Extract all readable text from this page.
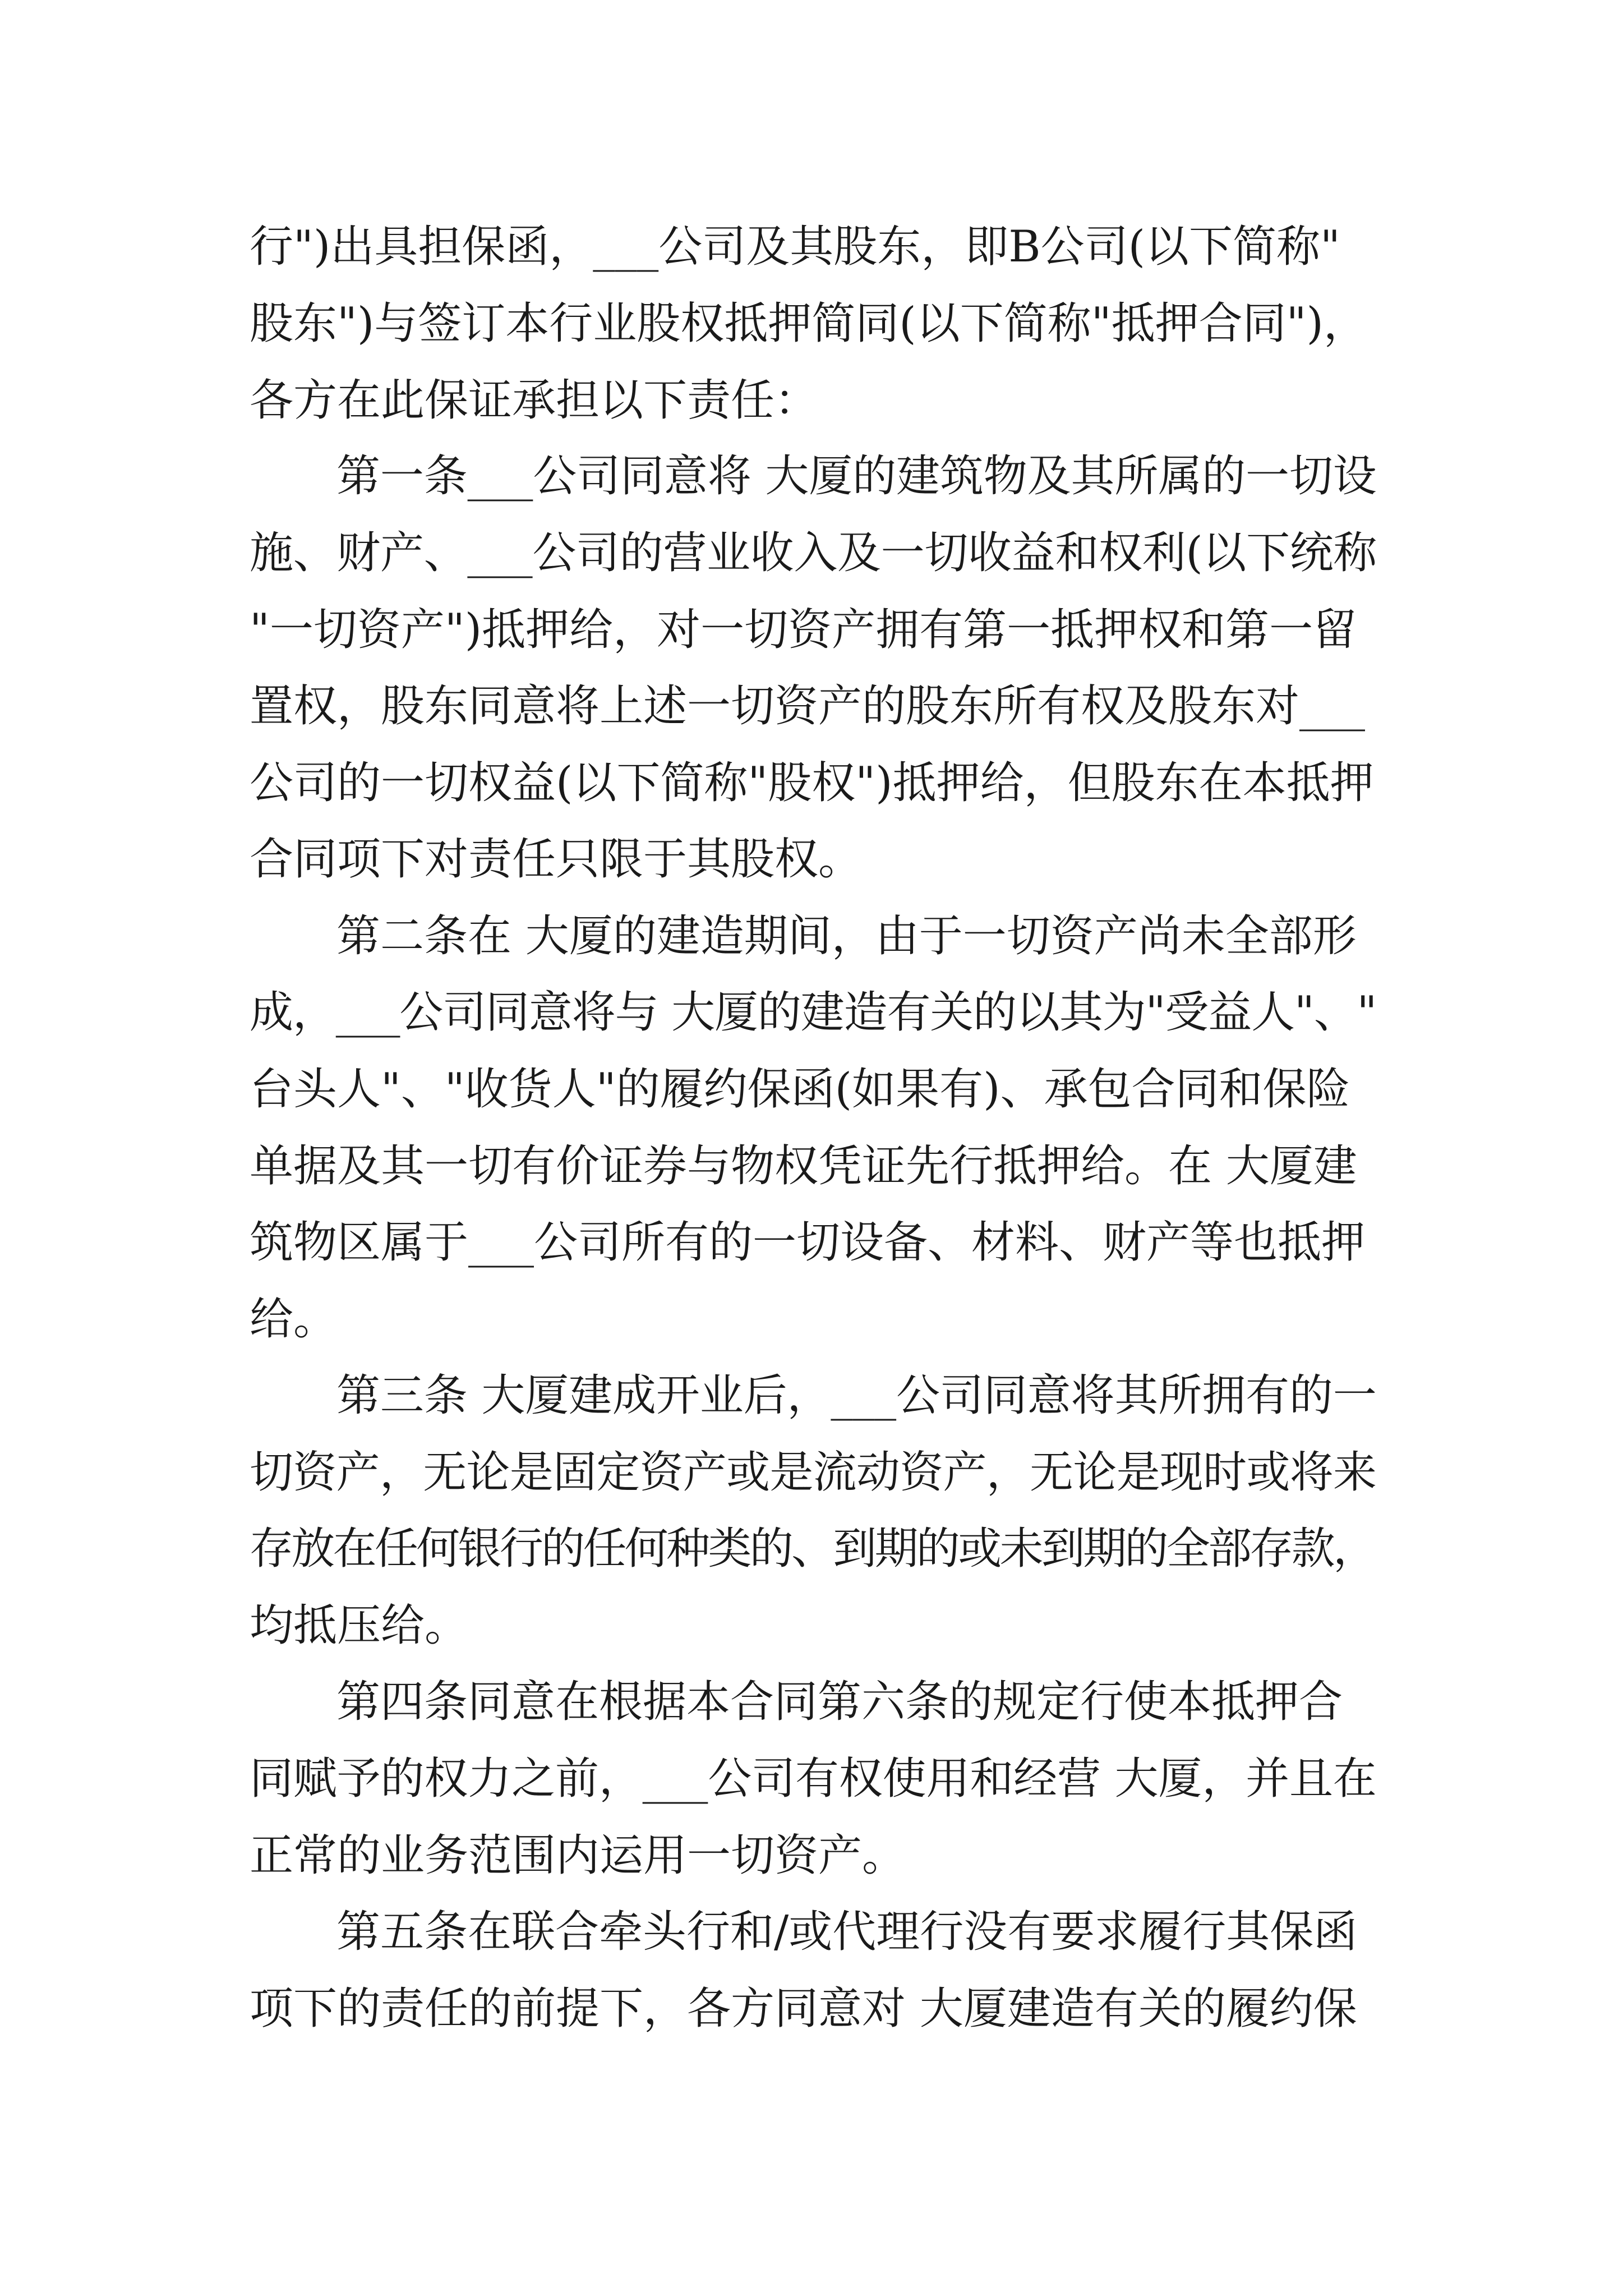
行")出具担保函，___公司及其股东，即B公司(以下简称"
股东")与签订本行业股权抵押简同(以下简称"抵押合同")，
各方在此保证承担以下责任：
第一条___公司同意将 大厦的建筑物及其所属的一切设
施、财产、___公司的营业收入及一切收益和权利(以下统称
"一切资产")抵押给，对一切资产拥有第一抵押权和第一留
置权，股东同意将上述一切资产的股东所有权及股东对___
公司的一切权益(以下简称"股权")抵押给，但股东在本抵押
合同项下对责任只限于其股权。
第二条在 大厦的建造期间，由于一切资产尚未全部形
成，___公司同意将与 大厦的建造有关的以其为"受益人"、"
台头人"、"收货人"的履约保函(如果有)、承包合同和保险
单据及其一切有价证券与物权凭证先行抵押给。在 大厦建
筑物区属于___公司所有的一切设备、材料、财产等也抵押
给。
第三条 大厦建成开业后，___公司同意将其所拥有的一
切资产，无论是固定资产或是流动资产，无论是现时或将来
存放在任何银行的任何种类的、到期的或未到期的全部存款，
均抵压给。
第四条同意在根据本合同第六条的规定行使本抵押合
同赋予的权力之前，___公司有权使用和经营 大厦，并且在
正常的业务范围内运用一切资产。
第五条在联合牵头行和/或代理行没有要求履行其保函
项下的责任的前提下，各方同意对 大厦建造有关的履约保
